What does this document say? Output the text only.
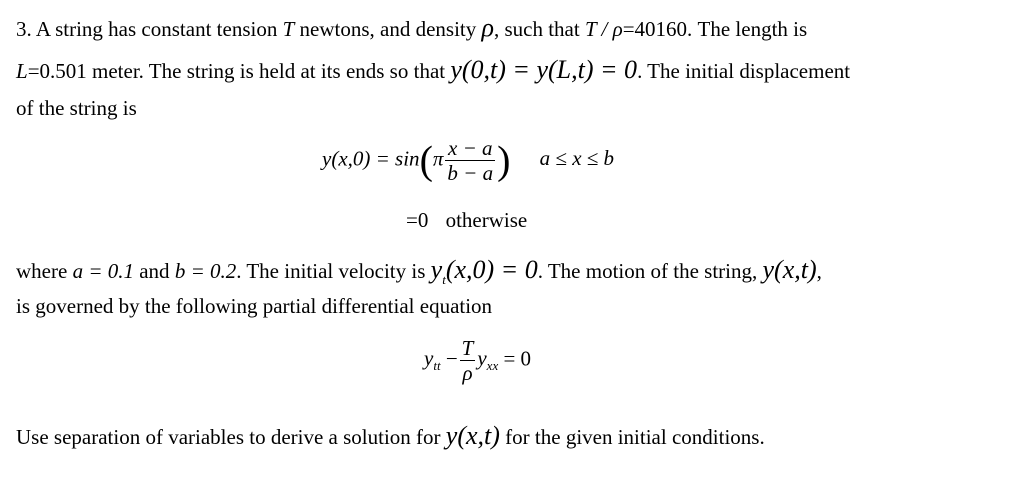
3. A string has constant tension T newtons, and density ρ, such that T / ρ=40160. The length is
L=0.501 meter. The string is held at its ends so that y(0,t) = y(L,t) = 0. The initial displacement
of the string is
$y(x,0) = \sin(\pi \frac{x - a}{b - a}$ ) a ≤ x ≤ b
=0 otherwise
where a = 0.1 and b = 0.2. The initial velocity is $y_t(x,0) = 0$. The motion of the string, y(x,t),
is governed by the following partial differential equation
$y_{tt} - \frac{T}{\rho} y_{xx} = 0$
Use separation of variables to derive a solution for y(x,t) for the given initial conditions.
